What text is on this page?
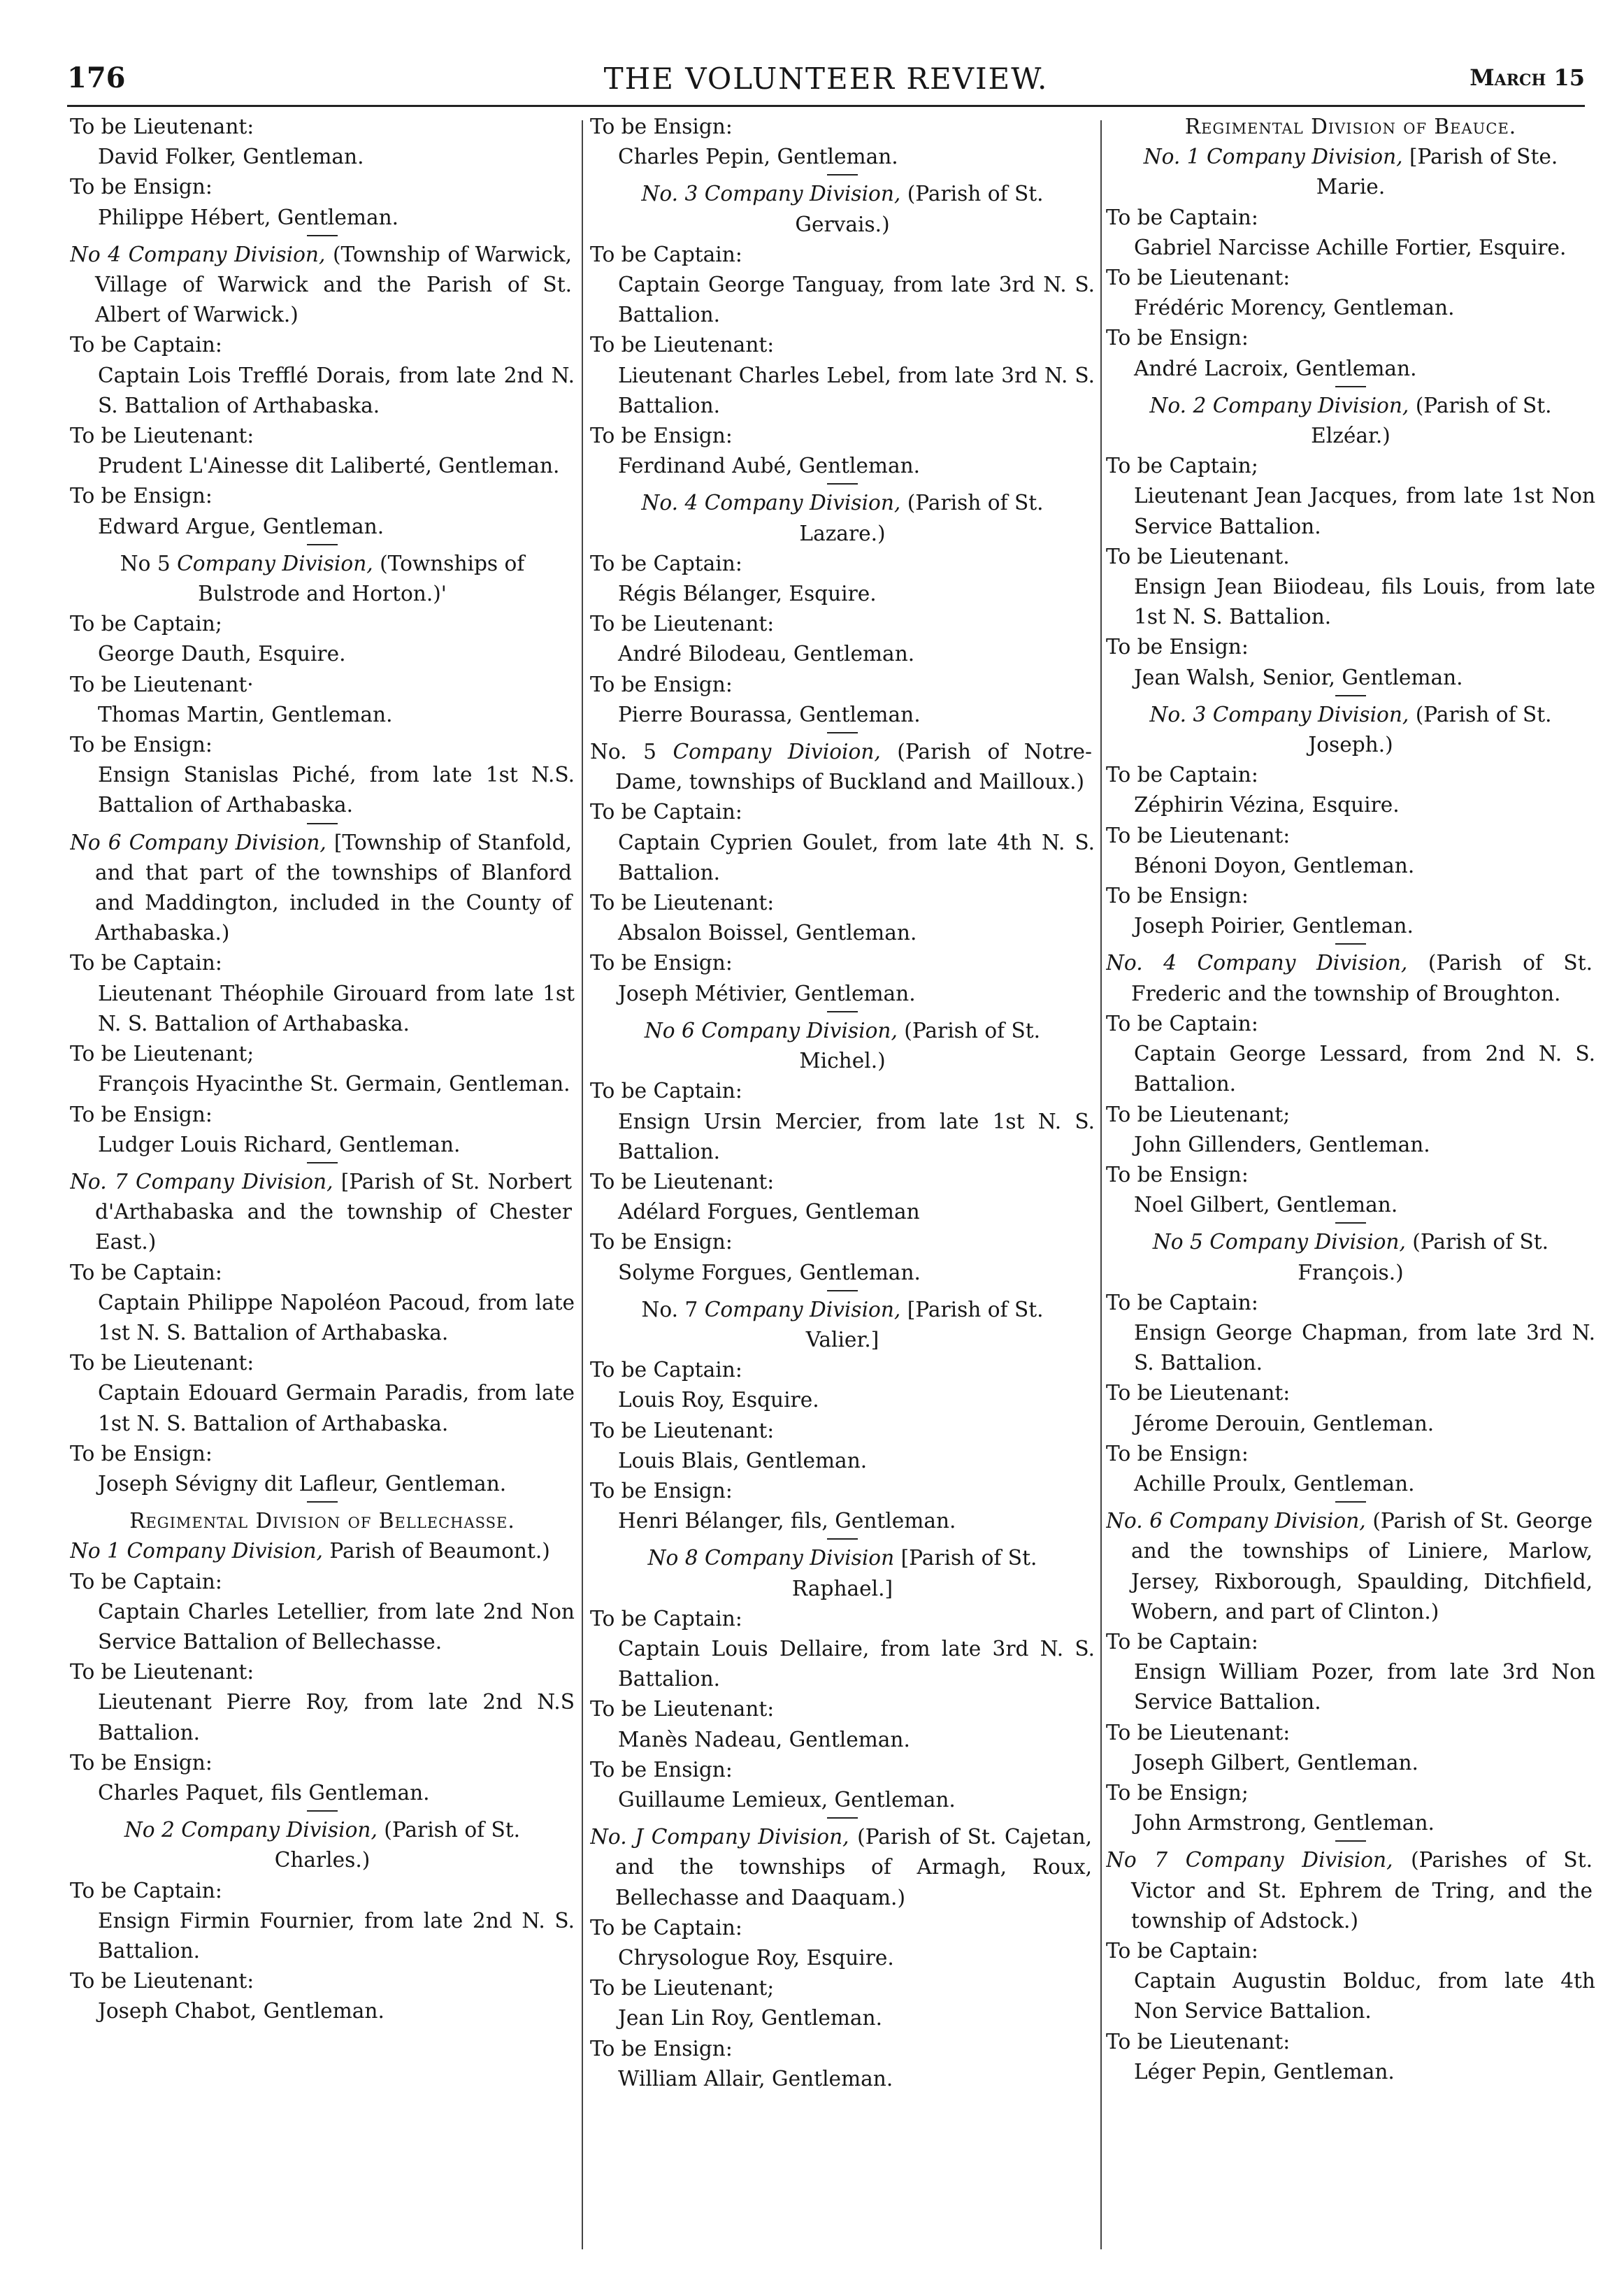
176	THE VOLUNTEER REVIEW.	March 15

To be Lieutenant:

David Folker, Gentleman.

To be Ensign:

Philippe Hébert, Gentleman.

No 4 Company Division, (Township of Warwick, Village of Warwick and the Parish of St. Albert of Warwick.)

To be Captain:

Captain Lois Trefflé Dorais, from late 2nd N. S. Battalion of Arthabaska.

To be Lieutenant:

Prudent L'Ainesse dit Laliberté, Gentleman.

To be Ensign:

Edward Argue, Gentleman.

No 5 Company Division, (Townships of Bulstrode and Horton.)'

To be Captain;

George Dauth, Esquire.

To be Lieutenant·

Thomas Martin, Gentleman.

To be Ensign:

Ensign Stanislas Piché, from late 1st N.S. Battalion of Arthabaska.

No 6 Company Division, [Township of Stanfold, and that part of the townships of Blanford and Maddington, included in the County of Arthabaska.)

To be Captain:

Lieutenant Théophile Girouard from late 1st N. S. Battalion of Arthabaska.

To be Lieutenant;

François Hyacinthe St. Germain, Gentleman.

To be Ensign:

Ludger Louis Richard, Gentleman.

No. 7 Company Division, [Parish of St. Norbert d'Arthabaska and the township of Chester East.)

To be Captain:

Captain Philippe Napoléon Pacoud, from late 1st N. S. Battalion of Arthabaska.

To be Lieutenant:

Captain Edouard Germain Paradis, from late 1st N. S. Battalion of Arthabaska.

To be Ensign:

Joseph Sévigny dit Lafleur, Gentleman.

Regimental Division of Bellechasse.

No 1 Company Division, Parish of Beaumont.)

To be Captain:

Captain Charles Letellier, from late 2nd Non Service Battalion of Bellechasse.

To be Lieutenant:

Lieutenant Pierre Roy, from late 2nd N.S Battalion.

To be Ensign:

Charles Paquet, fils Gentleman.

No 2 Company Division, (Parish of St. Charles.)

To be Captain:

Ensign Firmin Fournier, from late 2nd N. S. Battalion.

To be Lieutenant:

Joseph Chabot, Gentleman.

To be Ensign:

Charles Pepin, Gentleman.

No. 3 Company Division, (Parish of St. Gervais.)

To be Captain:

Captain George Tanguay, from late 3rd N. S. Battalion.

To be Lieutenant:

Lieutenant Charles Lebel, from late 3rd N. S. Battalion.

To be Ensign:

Ferdinand Aubé, Gentleman.

No. 4 Company Division, (Parish of St. Lazare.)

To be Captain:

Régis Bélanger, Esquire.

To be Lieutenant:

André Bilodeau, Gentleman.

To be Ensign:

Pierre Bourassa, Gentleman.

No. 5 Company Divioion, (Parish of Notre-Dame, townships of Buckland and Mailloux.)

To be Captain:

Captain Cyprien Goulet, from late 4th N. S. Battalion.

To be Lieutenant:

Absalon Boissel, Gentleman.

To be Ensign:

Joseph Métivier, Gentleman.

No 6 Company Division, (Parish of St. Michel.)

To be Captain:

Ensign Ursin Mercier, from late 1st N. S. Battalion.

To be Lieutenant:

Adélard Forgues, Gentleman

To be Ensign:

Solyme Forgues, Gentleman.

No. 7 Company Division, [Parish of St. Valier.]

To be Captain:

Louis Roy, Esquire.

To be Lieutenant:

Louis Blais, Gentleman.

To be Ensign:

Henri Bélanger, fils, Gentleman.

No 8 Company Division [Parish of St. Raphael.]

To be Captain:

Captain Louis Dellaire, from late 3rd N. S. Battalion.

To be Lieutenant:

Manès Nadeau, Gentleman.

To be Ensign:

Guillaume Lemieux, Gentleman.

No. J Company Division, (Parish of St. Cajetan, and the townships of Armagh, Roux, Bellechasse and Daaquam.)

To be Captain:

Chrysologue Roy, Esquire.

To be Lieutenant;

Jean Lin Roy, Gentleman.

To be Ensign:

William Allair, Gentleman.

Regimental Division of Beauce.

No. 1 Company Division, [Parish of Ste. Marie.

To be Captain:

Gabriel Narcisse Achille Fortier, Esquire.

To be Lieutenant:

Frédéric Morency, Gentleman.

To be Ensign:

André Lacroix, Gentleman.

No. 2 Company Division, (Parish of St. Elzéar.)

To be Captain;

Lieutenant Jean Jacques, from late 1st Non Service Battalion.

To be Lieutenant.

Ensign Jean Biiodeau, fils Louis, from late 1st N. S. Battalion.

To be Ensign:

Jean Walsh, Senior, Gentleman.

No. 3 Company Division, (Parish of St. Joseph.)

To be Captain:

Zéphirin Vézina, Esquire.

To be Lieutenant:

Bénoni Doyon, Gentleman.

To be Ensign:

Joseph Poirier, Gentleman.

No. 4 Company Division, (Parish of St. Frederic and the township of Broughton.

To be Captain:

Captain George Lessard, from 2nd N. S. Battalion.

To be Lieutenant;

John Gillenders, Gentleman.

To be Ensign:

Noel Gilbert, Gentleman.

No 5 Company Division, (Parish of St. François.)

To be Captain:

Ensign George Chapman, from late 3rd N. S. Battalion.

To be Lieutenant:

Jérome Derouin, Gentleman.

To be Ensign:

Achille Proulx, Gentleman.

No. 6 Company Division, (Parish of St. George and the townships of Liniere, Marlow, Jersey, Rixborough, Spaulding, Ditchfield, Wobern, and part of Clinton.)

To be Captain:

Ensign William Pozer, from late 3rd Non Service Battalion.

To be Lieutenant:

Joseph Gilbert, Gentleman.

To be Ensign;

John Armstrong, Gentleman.

No 7 Company Division, (Parishes of St. Victor and St. Ephrem de Tring, and the township of Adstock.)

To be Captain:

Captain Augustin Bolduc, from late 4th Non Service Battalion.

To be Lieutenant:

Léger Pepin, Gentleman.
